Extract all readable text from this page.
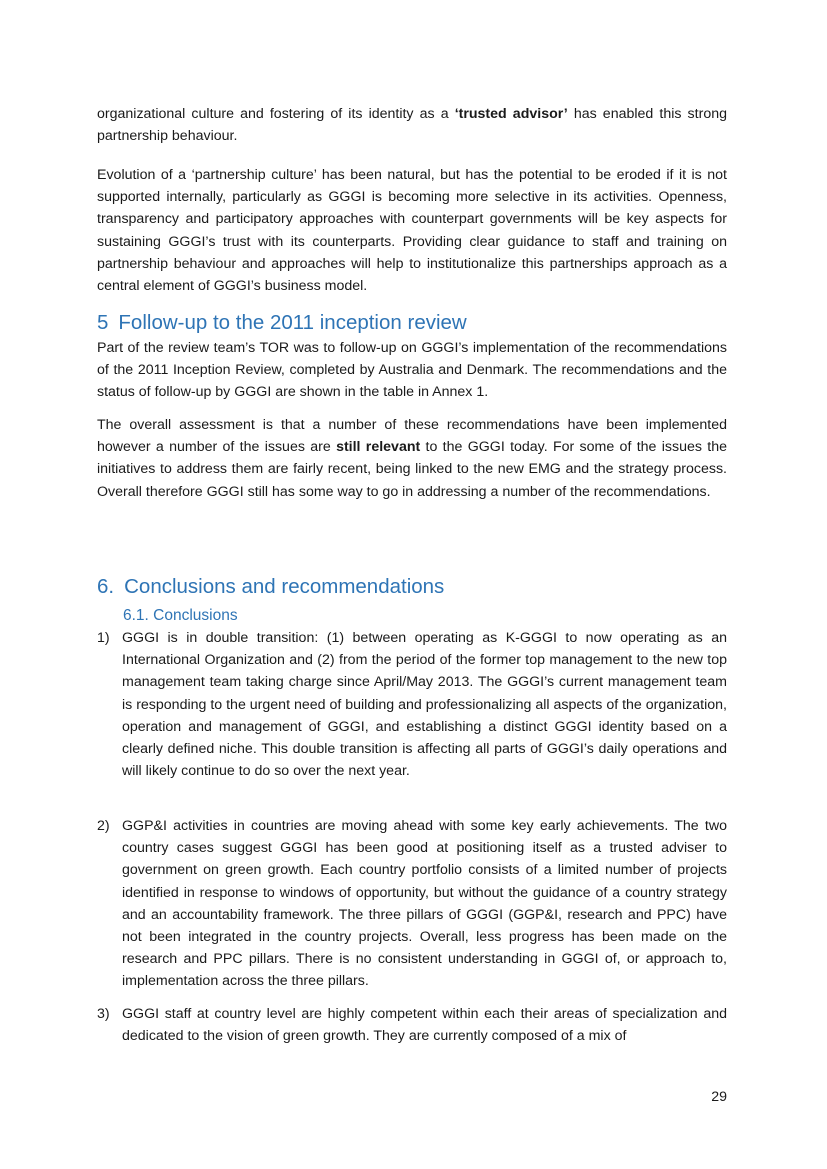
organizational culture and fostering of its identity as a ‘trusted advisor’ has enabled this strong partnership behaviour.

Evolution of a ‘partnership culture’ has been natural, but has the potential to be eroded if it is not supported internally, particularly as GGGI is becoming more selective in its activities. Openness, transparency and participatory approaches with counterpart governments will be key aspects for sustaining GGGI’s trust with its counterparts. Providing clear guidance to staff and training on partnership behaviour and approaches will help to institutionalize this partnerships approach as a central element of GGGI’s business model.

5 Follow-up to the 2011 inception review

Part of the review team’s TOR was to follow-up on GGGI’s implementation of the recommendations of the 2011 Inception Review, completed by Australia and Denmark. The recommendations and the status of follow-up by GGGI are shown in the table in Annex 1.

The overall assessment is that a number of these recommendations have been implemented however a number of the issues are still relevant to the GGGI today. For some of the issues the initiatives to address them are fairly recent, being linked to the new EMG and the strategy process. Overall therefore GGGI still has some way to go in addressing a number of the recommendations.

6. Conclusions and recommendations
6.1. Conclusions
1) GGGI is in double transition: (1) between operating as K-GGGI to now operating as an International Organization and (2) from the period of the former top management to the new top management team taking charge since April/May 2013. The GGGI’s current management team is responding to the urgent need of building and professionalizing all aspects of the organization, operation and management of GGGI, and establishing a distinct GGGI identity based on a clearly defined niche. This double transition is affecting all parts of GGGI’s daily operations and will likely continue to do so over the next year.
2) GGP&I activities in countries are moving ahead with some key early achievements. The two country cases suggest GGGI has been good at positioning itself as a trusted adviser to government on green growth. Each country portfolio consists of a limited number of projects identified in response to windows of opportunity, but without the guidance of a country strategy and an accountability framework. The three pillars of GGGI (GGP&I, research and PPC) have not been integrated in the country projects. Overall, less progress has been made on the research and PPC pillars. There is no consistent understanding in GGGI of, or approach to, implementation across the three pillars.
3) GGGI staff at country level are highly competent within each their areas of specialization and dedicated to the vision of green growth. They are currently composed of a mix of
29
